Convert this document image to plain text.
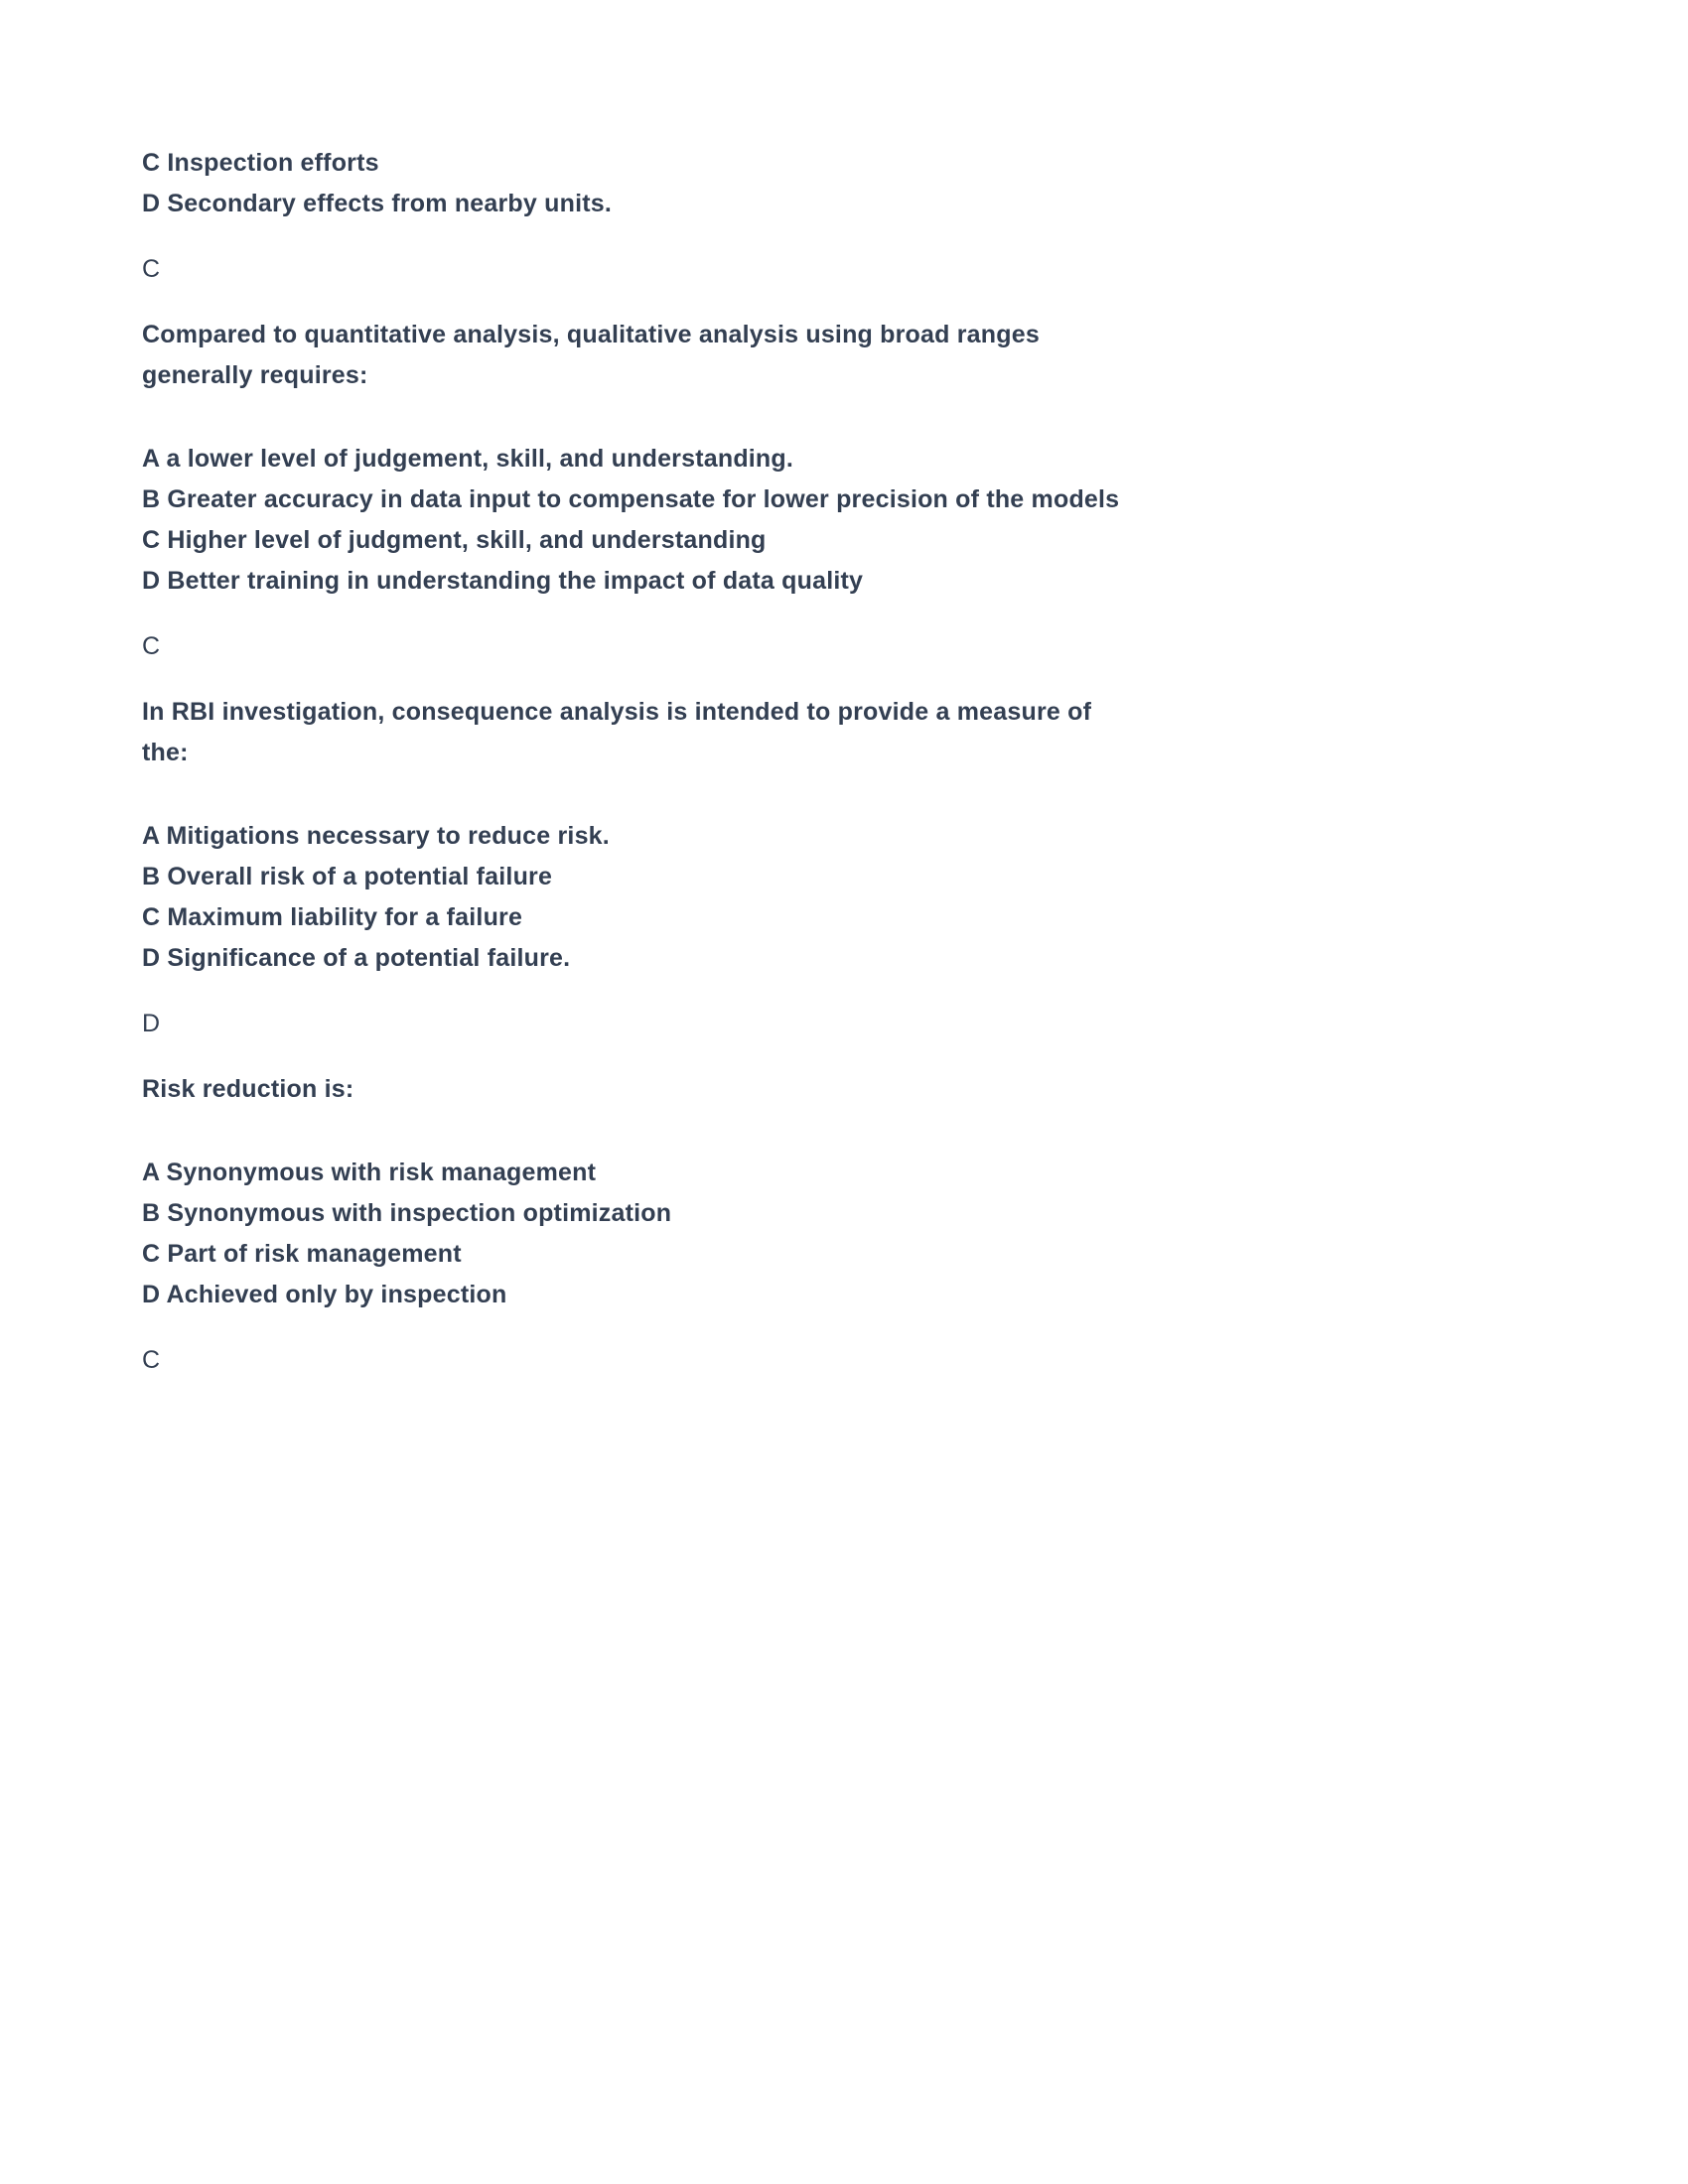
C Inspection efforts
D Secondary effects from nearby units.
C
Compared to quantitative analysis, qualitative analysis using broad ranges
generally requires:
A a lower level of judgement, skill, and understanding.
B Greater accuracy in data input to compensate for lower precision of the models
C Higher level of judgment, skill, and understanding
D Better training in understanding the impact of data quality
C
In RBI investigation, consequence analysis is intended to provide a measure of
the:
A Mitigations necessary to reduce risk.
B Overall risk of a potential failure
C Maximum liability for a failure
D Significance of a potential failure.
D
Risk reduction is:
A Synonymous with risk management
B Synonymous with inspection optimization
C Part of risk management
D Achieved only by inspection
C
